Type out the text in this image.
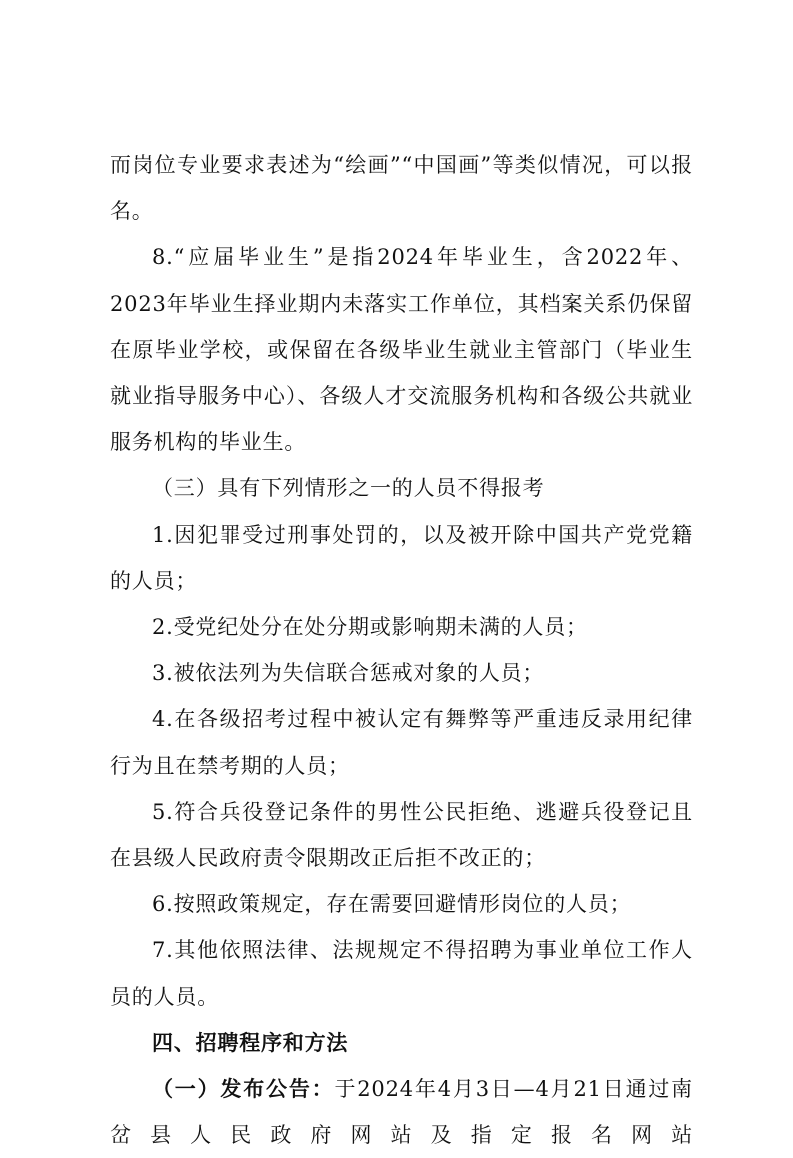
而岗位专业要求表述为“绘画”“中国画”等类似情况，可以报名。

8.“应届毕业生”是指2024年毕业生，含2022年、2023年毕业生择业期内未落实工作单位，其档案关系仍保留在原毕业学校，或保留在各级毕业生就业主管部门（毕业生就业指导服务中心）、各级人才交流服务机构和各级公共就业服务机构的毕业生。

（三）具有下列情形之一的人员不得报考

1.因犯罪受过刑事处罚的，以及被开除中国共产党党籍的人员；

2.受党纪处分在处分期或影响期未满的人员；

3.被依法列为失信联合惩戒对象的人员；

4.在各级招考过程中被认定有舞弊等严重违反录用纪律行为且在禁考期的人员；

5.符合兵役登记条件的男性公民拒绝、逃避兵役登记且在县级人民政府责令限期改正后拒不改正的；

6.按照政策规定，存在需要回避情形岗位的人员；

7.其他依照法律、法规规定不得招聘为事业单位工作人员的人员。

四、招聘程序和方法

（一）发布公告：于2024年4月3日—4月21日通过南岔县人民政府网站及指定报名网站
